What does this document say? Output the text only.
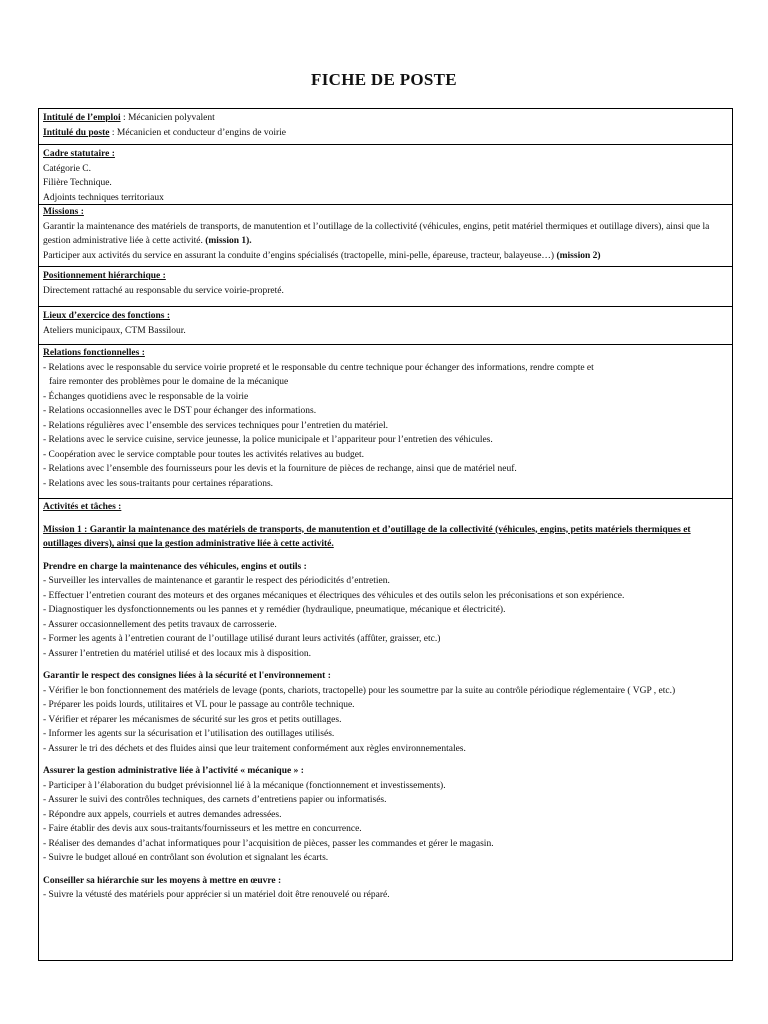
FICHE DE POSTE

Intitulé de l’emploi : Mécanicien polyvalent

Intitulé du poste : Mécanicien et conducteur d’engins de voirie

Cadre statutaire :

Catégorie C.

Filière Technique.

Adjoints techniques territoriaux

Missions :

Garantir la maintenance des matériels de transports, de manutention et l’outillage de la collectivité (véhicules, engins, petit matériel thermiques et outillage divers), ainsi que la gestion administrative liée à cette activité. (mission 1).

Participer aux activités du service en assurant la conduite d’engins spécialisés (tractopelle, mini-pelle, épareuse, tracteur, balayeuse…) (mission 2)

Positionnement hiérarchique :

Directement rattaché au responsable du service voirie-propreté.

Lieux d’exercice des fonctions :

Ateliers municipaux, CTM Bassilour.

Relations fonctionnelles :

- Relations avec le responsable du service voirie propreté et le responsable du centre technique pour échanger des informations, rendre compte et

faire remonter des problèmes pour le domaine de la mécanique

- Échanges quotidiens avec le responsable de la voirie

- Relations occasionnelles avec le DST pour échanger des informations.

- Relations régulières avec l’ensemble des services techniques pour l’entretien du matériel.

- Relations avec le service cuisine, service jeunesse, la police municipale et l’appariteur pour l’entretien des véhicules.

- Coopération avec le service comptable pour toutes les activités relatives au budget.

- Relations avec l’ensemble des fournisseurs pour les devis et la fourniture de pièces de rechange, ainsi que de matériel neuf.

- Relations avec les sous-traitants pour certaines réparations.

Activités et tâches :

Mission 1 : Garantir la maintenance des matériels de transports, de manutention et d’outillage de la collectivité (véhicules, engins, petits matériels thermiques et outillages divers), ainsi que la gestion administrative liée à cette activité.

Prendre en charge la maintenance des véhicules, engins et outils :

- Surveiller les intervalles de maintenance et garantir le respect des périodicités d’entretien.

- Effectuer l’entretien courant des moteurs et des organes mécaniques et électriques des véhicules et des outils selon les préconisations et son expérience.

- Diagnostiquer les dysfonctionnements ou les pannes et y remédier (hydraulique, pneumatique, mécanique et électricité).

- Assurer occasionnellement des petits travaux de carrosserie.

- Former les agents à l’entretien courant de l’outillage utilisé durant leurs activités (affûter, graisser, etc.)

- Assurer l’entretien du matériel utilisé et des locaux mis à disposition.

Garantir le respect des consignes liées à la sécurité et l'environnement :

- Vérifier le bon fonctionnement des matériels de levage (ponts, chariots, tractopelle) pour les soumettre par la suite au contrôle périodique réglementaire ( VGP , etc.)

- Préparer les poids lourds, utilitaires et VL pour le passage au contrôle technique.

- Vérifier et réparer les mécanismes de sécurité sur les gros et petits outillages.

- Informer les agents sur la sécurisation et l’utilisation des outillages utilisés.

- Assurer le tri des déchets et des fluides ainsi que leur traitement conformément aux règles environnementales.

Assurer la gestion administrative liée à l’activité « mécanique » :

- Participer à l’élaboration du budget prévisionnel lié à la mécanique (fonctionnement et investissements).

- Assurer le suivi des contrôles techniques, des carnets d’entretiens papier ou informatisés.

- Répondre aux appels, courriels et autres demandes adressées.

- Faire établir des devis aux sous-traitants/fournisseurs et les mettre en concurrence.

- Réaliser des demandes d’achat informatiques pour l’acquisition de pièces, passer les commandes et gérer le magasin.

- Suivre le budget alloué en contrôlant son évolution et signalant les écarts.

Conseiller sa hiérarchie sur les moyens à mettre en œuvre :

- Suivre la vétusté des matériels pour apprécier si un matériel doit être renouvelé ou réparé.
